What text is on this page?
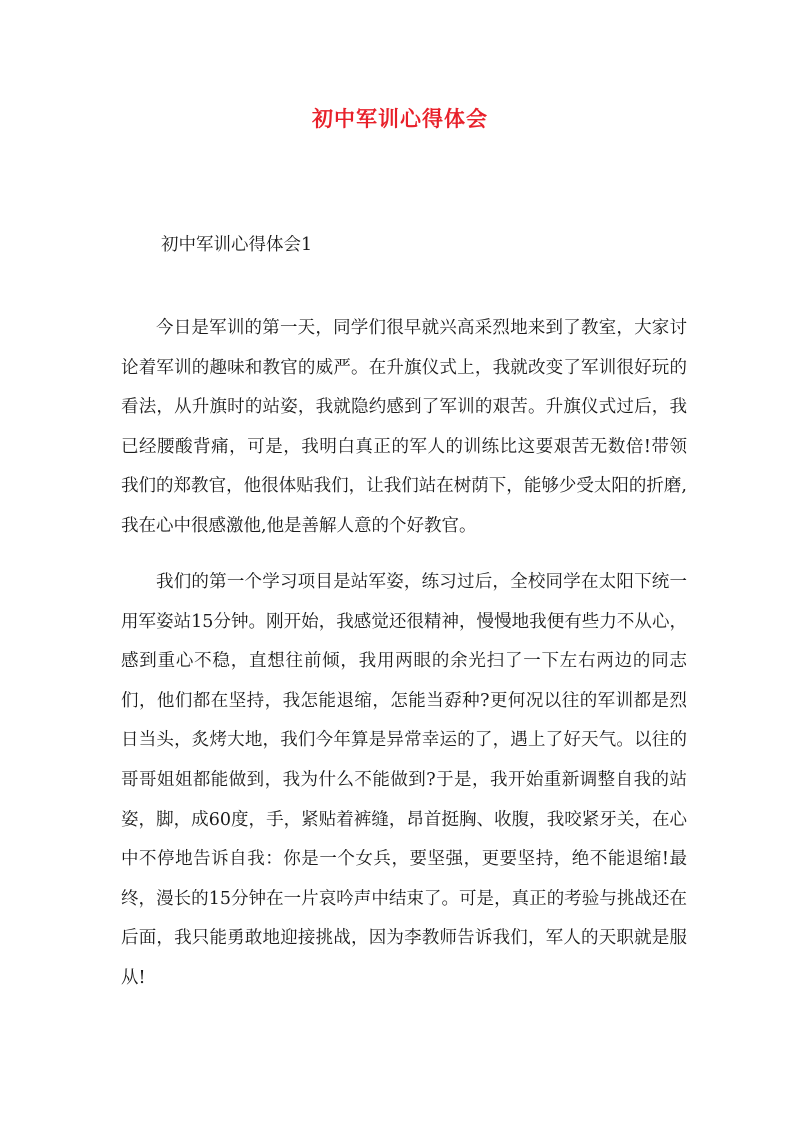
初中军训心得体会
初中军训心得体会1

今日是军训的第一天，同学们很早就兴高采烈地来到了教室，大家讨论着军训的趣味和教官的威严。在升旗仪式上，我就改变了军训很好玩的看法，从升旗时的站姿，我就隐约感到了军训的艰苦。升旗仪式过后，我已经腰酸背痛，可是，我明白真正的军人的训练比这要艰苦无数倍!带领我们的郑教官，他很体贴我们，让我们站在树荫下，能够少受太阳的折磨,我在心中很感激他,他是善解人意的个好教官。

我们的第一个学习项目是站军姿，练习过后，全校同学在太阳下统一用军姿站15分钟。刚开始，我感觉还很精神，慢慢地我便有些力不从心，感到重心不稳，直想往前倾，我用两眼的余光扫了一下左右两边的同志们，他们都在坚持，我怎能退缩，怎能当孬种?更何况以往的军训都是烈日当头，炙烤大地，我们今年算是异常幸运的了，遇上了好天气。以往的哥哥姐姐都能做到，我为什么不能做到?于是，我开始重新调整自我的站姿，脚，成60度，手，紧贴着裤缝，昂首挺胸、收腹，我咬紧牙关，在心中不停地告诉自我：你是一个女兵，要坚强，更要坚持，绝不能退缩!最终，漫长的15分钟在一片哀吟声中结束了。可是，真正的考验与挑战还在后面，我只能勇敢地迎接挑战，因为李教师告诉我们，军人的天职就是服从!
